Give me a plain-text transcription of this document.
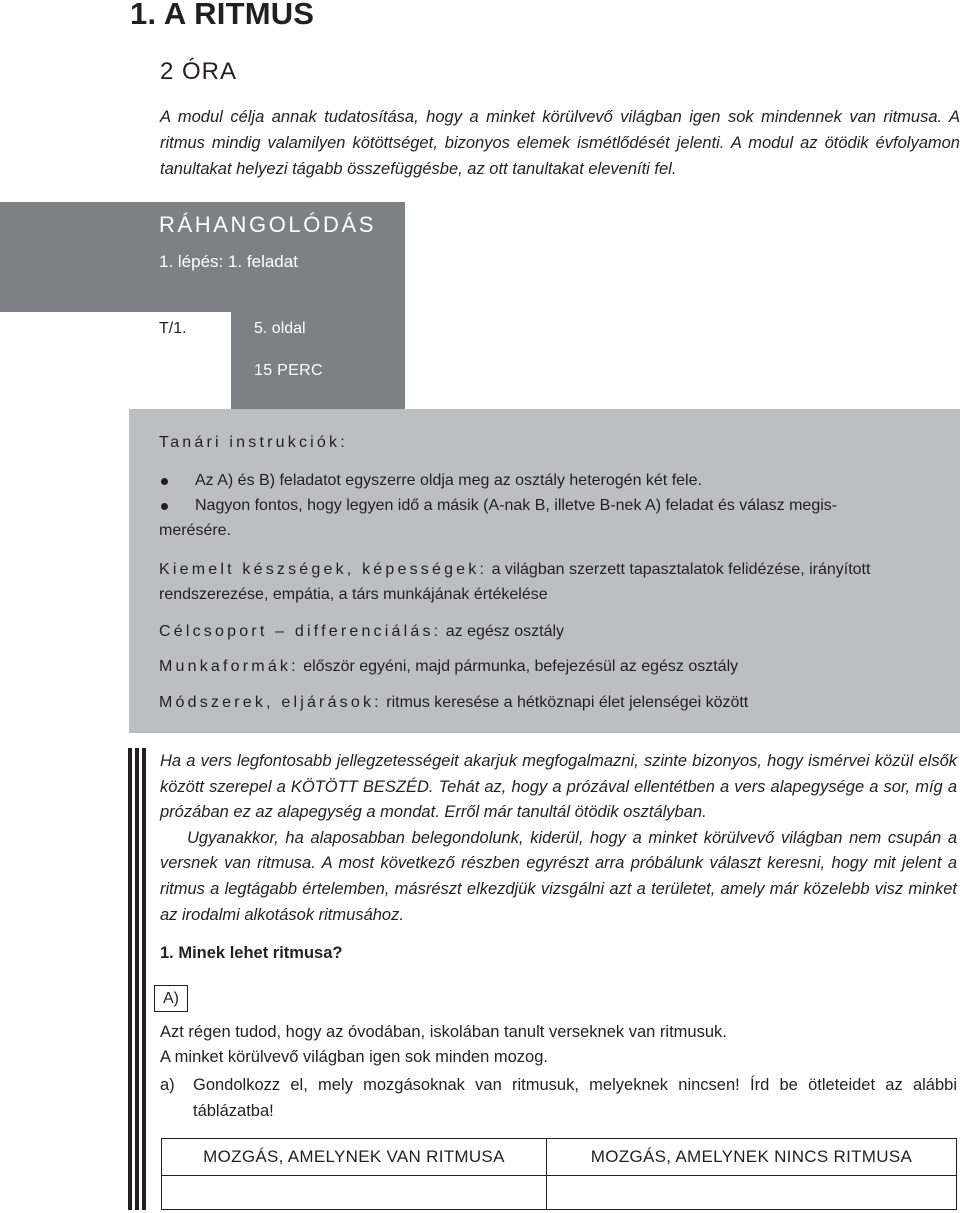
1. A RITMUS
2 ÓRA

A modul célja annak tudatosítása, hogy a minket körülvevő világban igen sok mindennek van ritmusa. A ritmus mindig valamilyen kötöttséget, bizonyos elemek ismétlődését jelenti. A modul az ötödik évfolyamon tanultakat helyezi tágabb összefüggésbe, az ott tanultakat eleveníti fel.

RÁHANGOLÓDÁS
1. lépés: 1. feladat
T/1.	5. oldal
15 PERC
Tanári instrukciók:
Az A) és B) feladatot egyszerre oldja meg az osztály heterogén két fele.
Nagyon fontos, hogy legyen idő a másik (A-nak B, illetve B-nek A) feladat és válasz megis-
merésére.
Kiemelt készségek, képességek: a világban szerzett tapasztalatok felidézése, irányított rendszerezése, empátia, a társ munkájának értékelése
Célcsoport – differenciálás: az egész osztály
Munkaformák: először egyéni, majd pármunka, befejezésül az egész osztály
Módszerek, eljárások: ritmus keresése a hétköznapi élet jelenségei között

Ha a vers legfontosabb jellegzetességeit akarjuk megfogalmazni, szinte bizonyos, hogy ismérvei közül elsők között szerepel a KÖTÖTT BESZÉD. Tehát az, hogy a prózával ellentétben a vers alapegysége a sor, míg a prózában ez az alapegység a mondat. Erről már tanultál ötödik osztályban.
Ugyanakkor, ha alaposabban belegondolunk, kiderül, hogy a minket körülvevő világban nem csupán a versnek van ritmusa. A most következő részben egyrészt arra próbálunk választ keresni, hogy mit jelent a ritmus a legtágabb értelemben, másrészt elkezdjük vizsgálni azt a területet, amely már közelebb visz minket az irodalmi alkotások ritmusához.

1. Minek lehet ritmusa?
A)
Azt régen tudod, hogy az óvodában, iskolában tanult verseknek van ritmusuk.
A minket körülvevő világban igen sok minden mozog.
a) Gondolkozz el, mely mozgásoknak van ritmusuk, melyeknek nincsen! Írd be ötleteidet az alábbi táblázatba!
MOZGÁS, AMELYNEK VAN RITMUSA	MOZGÁS, AMELYNEK NINCS RITMUSA
